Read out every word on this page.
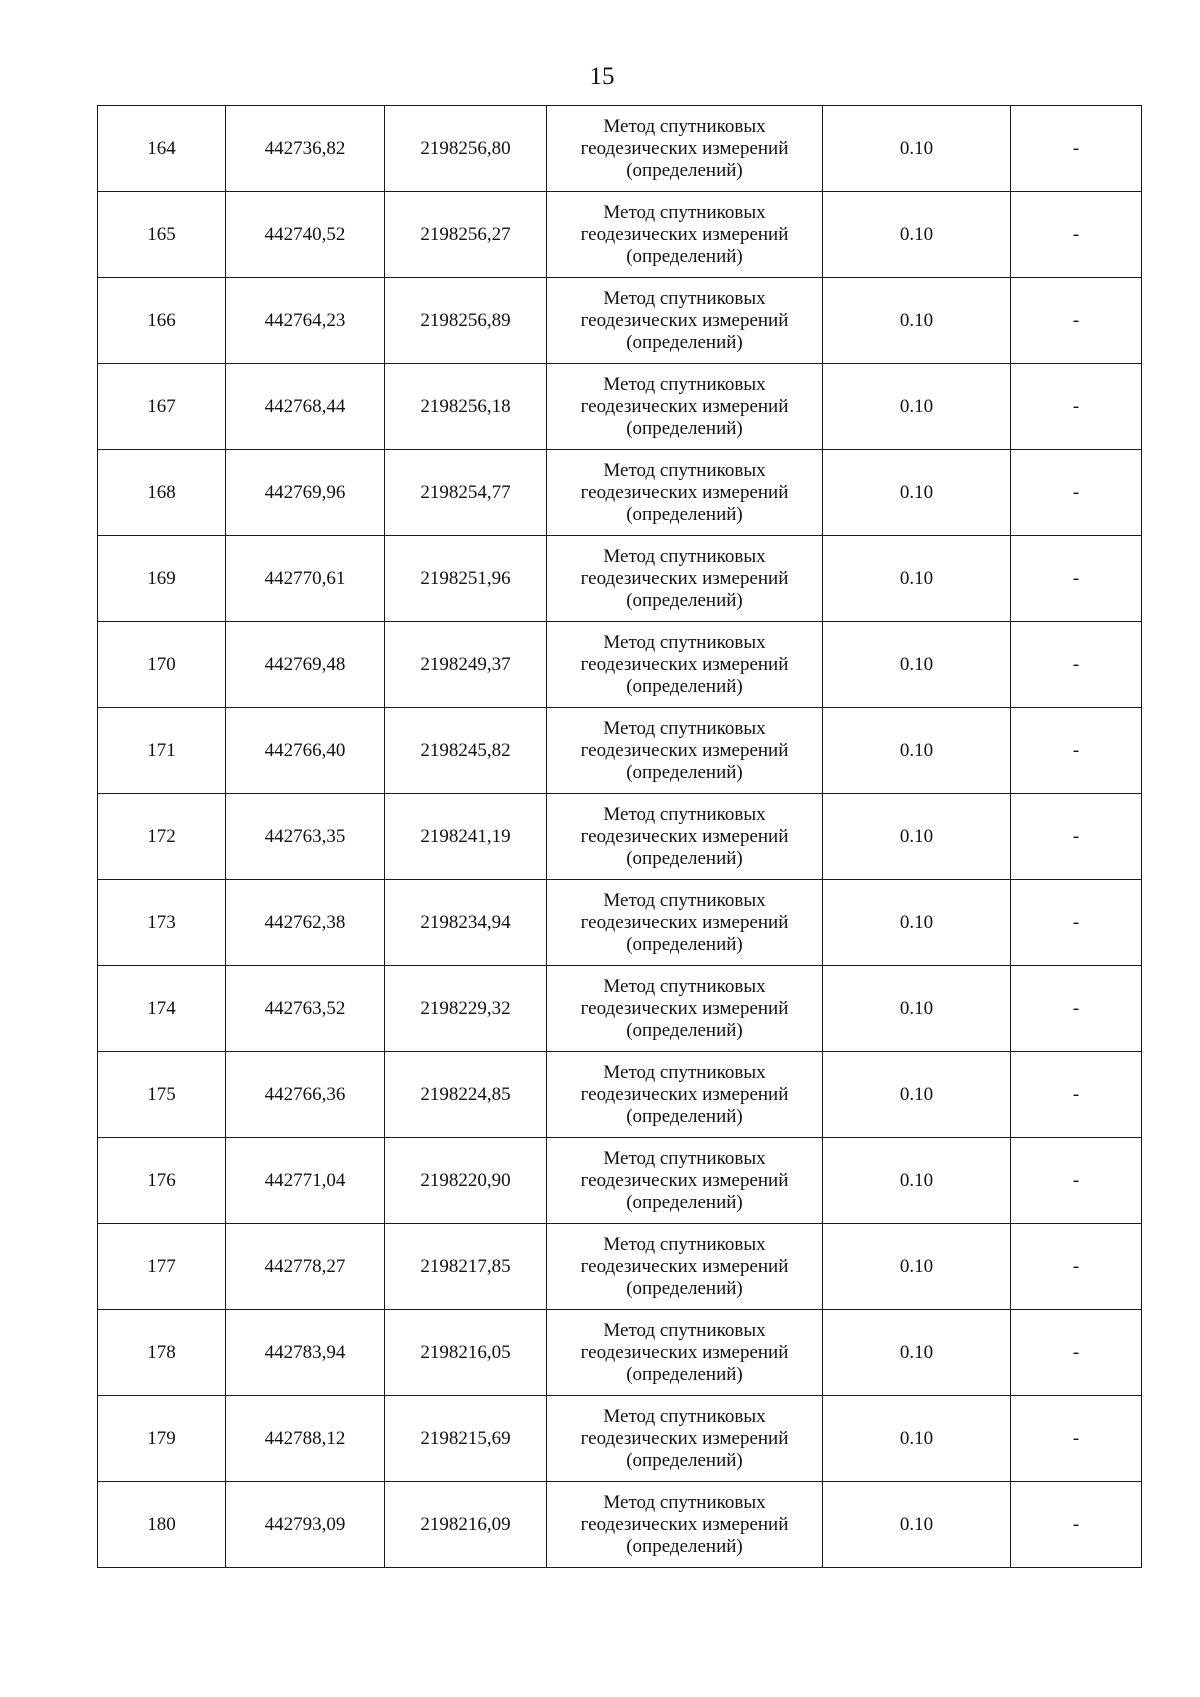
15
164	442736,82	2198256,80	Метод спутниковых
геодезических измерений
(определений)	0.10	-
165	442740,52	2198256,27	Метод спутниковых
геодезических измерений
(определений)	0.10	-
166	442764,23	2198256,89	Метод спутниковых
геодезических измерений
(определений)	0.10	-
167	442768,44	2198256,18	Метод спутниковых
геодезических измерений
(определений)	0.10	-
168	442769,96	2198254,77	Метод спутниковых
геодезических измерений
(определений)	0.10	-
169	442770,61	2198251,96	Метод спутниковых
геодезических измерений
(определений)	0.10	-
170	442769,48	2198249,37	Метод спутниковых
геодезических измерений
(определений)	0.10	-
171	442766,40	2198245,82	Метод спутниковых
геодезических измерений
(определений)	0.10	-
172	442763,35	2198241,19	Метод спутниковых
геодезических измерений
(определений)	0.10	-
173	442762,38	2198234,94	Метод спутниковых
геодезических измерений
(определений)	0.10	-
174	442763,52	2198229,32	Метод спутниковых
геодезических измерений
(определений)	0.10	-
175	442766,36	2198224,85	Метод спутниковых
геодезических измерений
(определений)	0.10	-
176	442771,04	2198220,90	Метод спутниковых
геодезических измерений
(определений)	0.10	-
177	442778,27	2198217,85	Метод спутниковых
геодезических измерений
(определений)	0.10	-
178	442783,94	2198216,05	Метод спутниковых
геодезических измерений
(определений)	0.10	-
179	442788,12	2198215,69	Метод спутниковых
геодезических измерений
(определений)	0.10	-
180	442793,09	2198216,09	Метод спутниковых
геодезических измерений
(определений)	0.10	-
